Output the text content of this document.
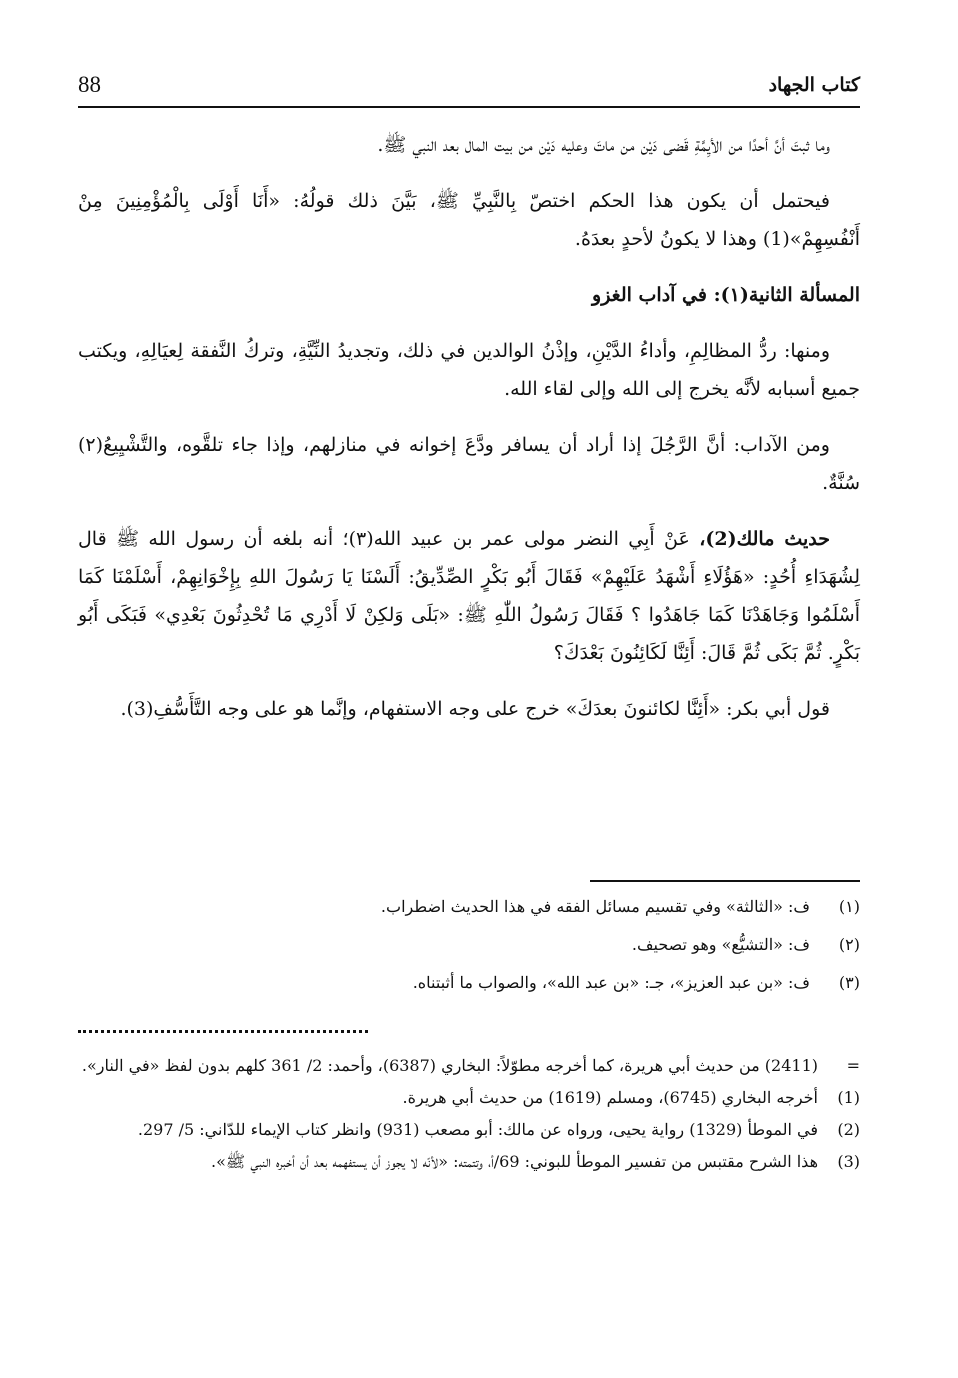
88	كتاب الجهاد

وما ثبتَ أنَّ أحدًا من الأيِمَّةِ قَضى دَيْن من ماتَ وعليه دَيْن من بيت المال بعد النبي ﷺ.

فيحتمل أن يكون هذا الحكم اختصّ بِالنَّبِيِّ ﷺ، بَيَّنَ ذلك قولُهُ: «أَنَا أَوْلَى بِالْمُؤْمِنِينَ مِنْ أَنْفُسِهِمْ»(1) وهذا لا يكونُ لأحدٍ بعدَهُ.

المسألة الثانية(١): في آداب الغزو

ومنها: ردُّ المظالِمِ، وأداءُ الدَّيْنِ، وإذْنُ الوالدين في ذلك، وتجديدُ النِّيَّةِ، وتركُ النَّفقة لِعيَالِهِ، ويكتب جميع أسبابه لأنَّه يخرج إلى الله وإلى لقاء الله.

ومن الآداب: أنَّ الرَّجُلَ إذا أراد أن يسافر ودَّعَ إخوانه في منازلهم، وإذا جاء تلقَّوه، والتَّشْيِيعُ(٢) سُنَّةٌ.

حديث مالك(2)، عَنْ أَبِي النضر مولى عمر بن عبيد الله(٣)؛ أنه بلغه أن رسول الله ﷺ قال لِشُهَدَاءِ أُحُدٍ: «هَؤُلَاءِ أَشْهَدُ عَلَيْهِمْ» فَقَالَ أَبُو بَكْرٍ الصِّدِّيقُ: أَلَسْنَا يَا رَسُولَ اللهِ بِإِخْوَانِهِمْ، أَسْلَمْنَا كَمَا أَسْلَمُوا وَجَاهَدْنَا كَمَا جَاهَدُوا ؟ فَقَالَ رَسُولُ اللّٰهِ ﷺ: «بَلَى وَلكِنْ لَا أَدْرِي مَا تُحْدِثُونَ بَعْدِي» فَبَكَى أَبُو بَكْرٍ. ثُمَّ بَكَى ثُمَّ قَالَ: أَئِنَّا لَكَائِنُونَ بَعْدَكَ؟

قول أبي بكر: «أَئِنَّا لكائنونَ بعدَكَ» خرج على وجه الاستفهام، وإنَّما هو على وجه التَّأَسُّفِ(3).

(١)
ف: «الثالثة» وفي تقسيم مسائل الفقه في هذا الحديث اضطراب.
(٢)
ف: «التشيُّع» وهو تصحيف.
(٣)
ف: «بن عبد العزيز»، جـ: «بن عبد الله»، والصواب ما أثبتناه.
=
(2411) من حديث أبي هريرة، كما أخرجه مطوّلاً: البخاري (6387)، وأحمد: 2/ 361 كلهم بدون لفظ «في النار».
(1)
أخرجه البخاري (6745)، ومسلم (1619) من حديث أبي هريرة.
(2)
في الموطأ (1329) رواية يحيى، ورواه عن مالك: أبو مصعب (931) وانظر كتاب الإيماء للدّاني: 5/ 297.
(3)
هذا الشرح مقتبس من تفسير الموطأ للبوني: 69/أ، وتتمته: «لأنّه لا يجوز أن يستفهمه بعد أن أخبره النبي ﷺ».
